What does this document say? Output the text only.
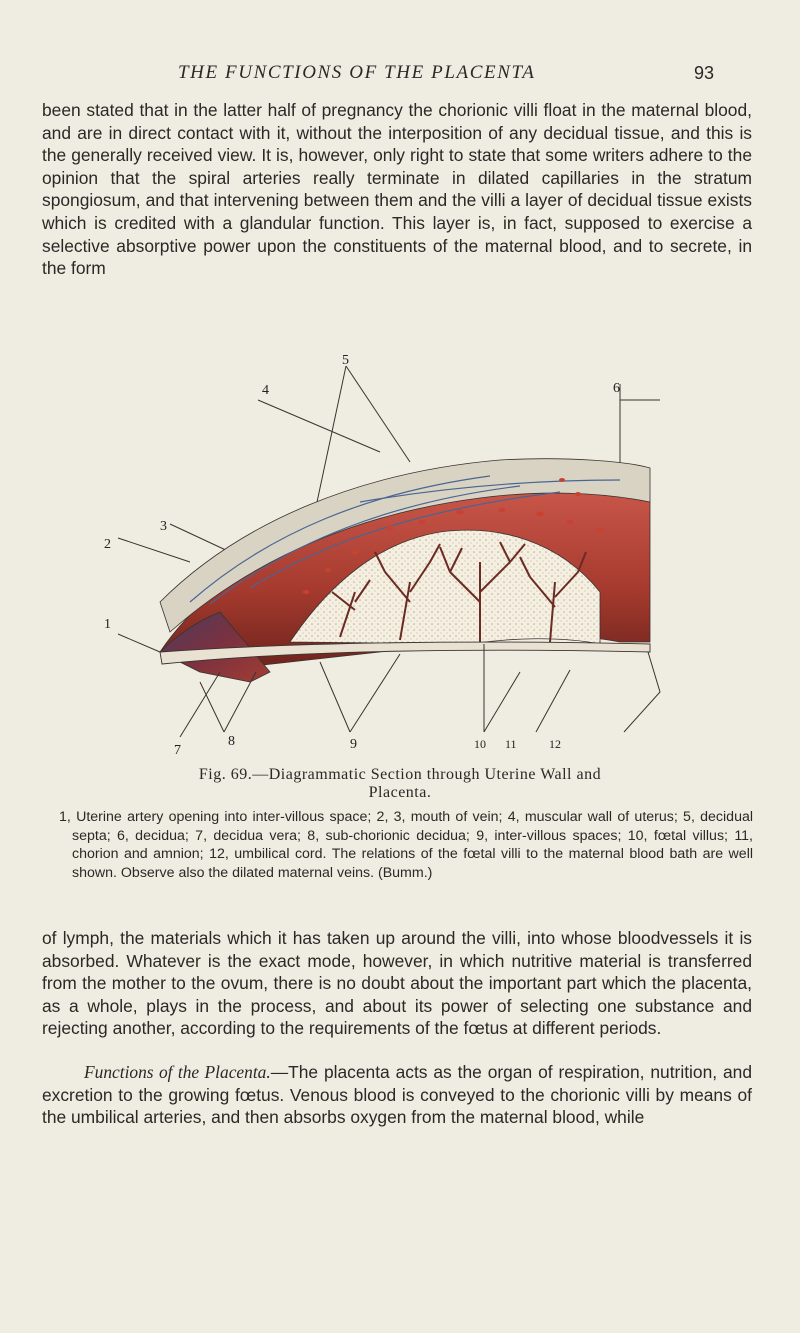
THE FUNCTIONS OF THE PLACENTA	93

been stated that in the latter half of pregnancy the chorionic villi float in the maternal blood, and are in direct contact with it, without the interposition of any decidual tissue, and this is the generally received view. It is, however, only right to state that some writers adhere to the opinion that the spiral arteries really terminate in dilated capillaries in the stratum spongiosum, and that intervening between them and the villi a layer of decidual tissue exists which is credited with a glandular function. This layer is, in fact, supposed to exercise a selective absorptive power upon the constituents of the maternal blood, and to secrete, in the form

5
6
4
3
2
1
7
8	9	10 11	12
Fig. 69.—Diagrammatic Section through Uterine Wall and
Placenta.

1, Uterine artery opening into inter-villous space; 2, 3, mouth of vein; 4, muscular wall of uterus; 5, decidual septa; 6, decidua; 7, decidua vera; 8, sub-chorionic decidua; 9, inter-villous spaces; 10, fœtal villus; 11, chorion and amnion; 12, umbilical cord. The relations of the fœtal villi to the maternal blood bath are well shown. Observe also the dilated maternal veins. (Bumm.)

of lymph, the materials which it has taken up around the villi, into whose bloodvessels it is absorbed. Whatever is the exact mode, however, in which nutritive material is transferred from the mother to the ovum, there is no doubt about the important part which the placenta, as a whole, plays in the process, and about its power of selecting one substance and rejecting another, according to the requirements of the fœtus at different periods.

Functions of the Placenta.—The placenta acts as the organ of respiration, nutrition, and excretion to the growing fœtus. Venous blood is conveyed to the chorionic villi by means of the umbilical arteries, and then absorbs oxygen from the maternal blood, while
